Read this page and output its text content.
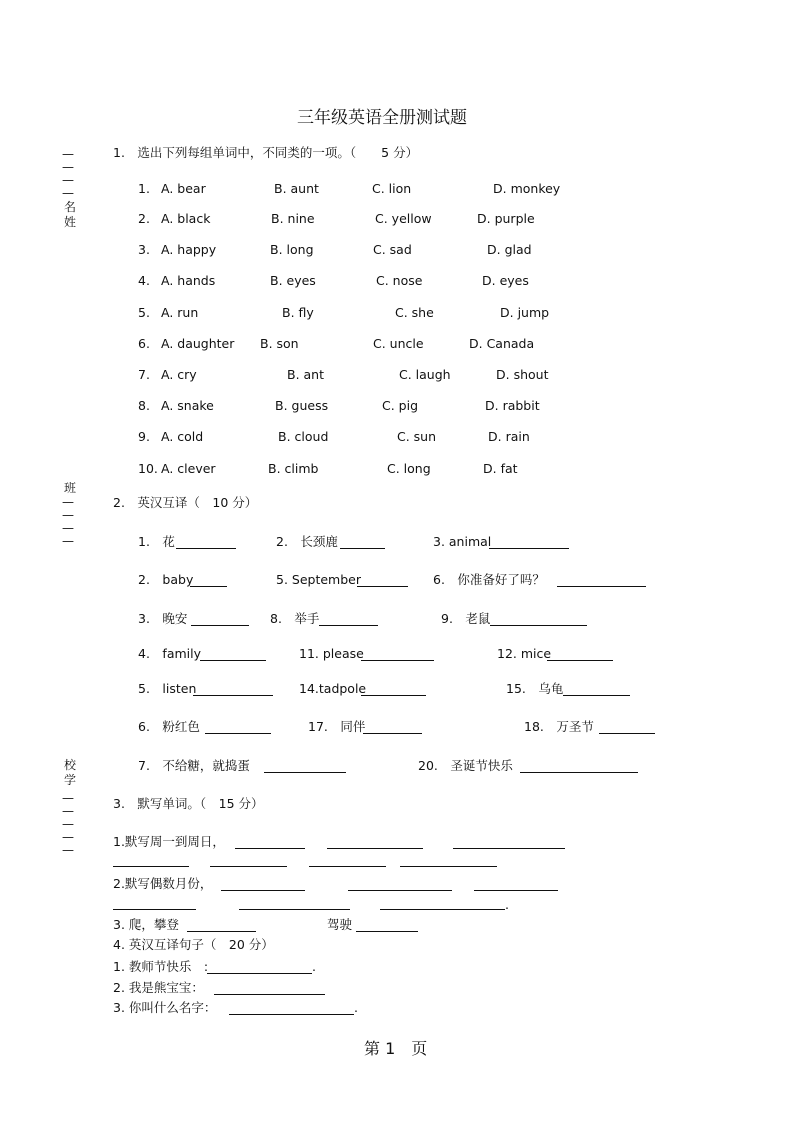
三年级英语全册测试题
—
—
—
—
名姓
班
—
—
—
—
校学
—
—
—
—
—
1.　选出下列每组单词中，不同类的一项。（　　5 分）
1. A. bear	B. aunt	C. lion	D. monkey
2. A. black	B. nine	C. yellow	D. purple
3. A. happy	B. long	C. sad	D. glad
4. A. hands	B. eyes	C. nose	D. eyes
5. A. run	B. fly	C. she	D. jump
6. A. daughter B. son	C. uncle	D. Canada
7. A. cry	B. ant	C. laugh	D. shout
8. A. snake	B. guess	C. pig	D. rabbit
9. A. cold	B. cloud	C. sun	D. rain
10. A. clever	B. climb	C. long	D. fat
2.　英汉互译（　10 分）
1.　花	2.　长颈鹿	3. animal
2.　baby	5. September	6.　你准备好了吗？
3.　晚安	8.　举手	9.　老鼠
4.　family	11. please	12. mice
5.　listen	14.tadpole	15.　乌龟
6.　粉红色	17.　同伴	18.　万圣节
7.　不给糖，就捣蛋	20.　圣诞节快乐
3.　默写单词。（　15 分）
1.默写周一到周日，
2.默写偶数月份，
.
3. 爬，攀登	驾驶
4. 英汉互译句子（　20 分）
1. 教师节快乐　:	.
2. 我是熊宝宝：
3. 你叫什么名字：	.
第 1　页
